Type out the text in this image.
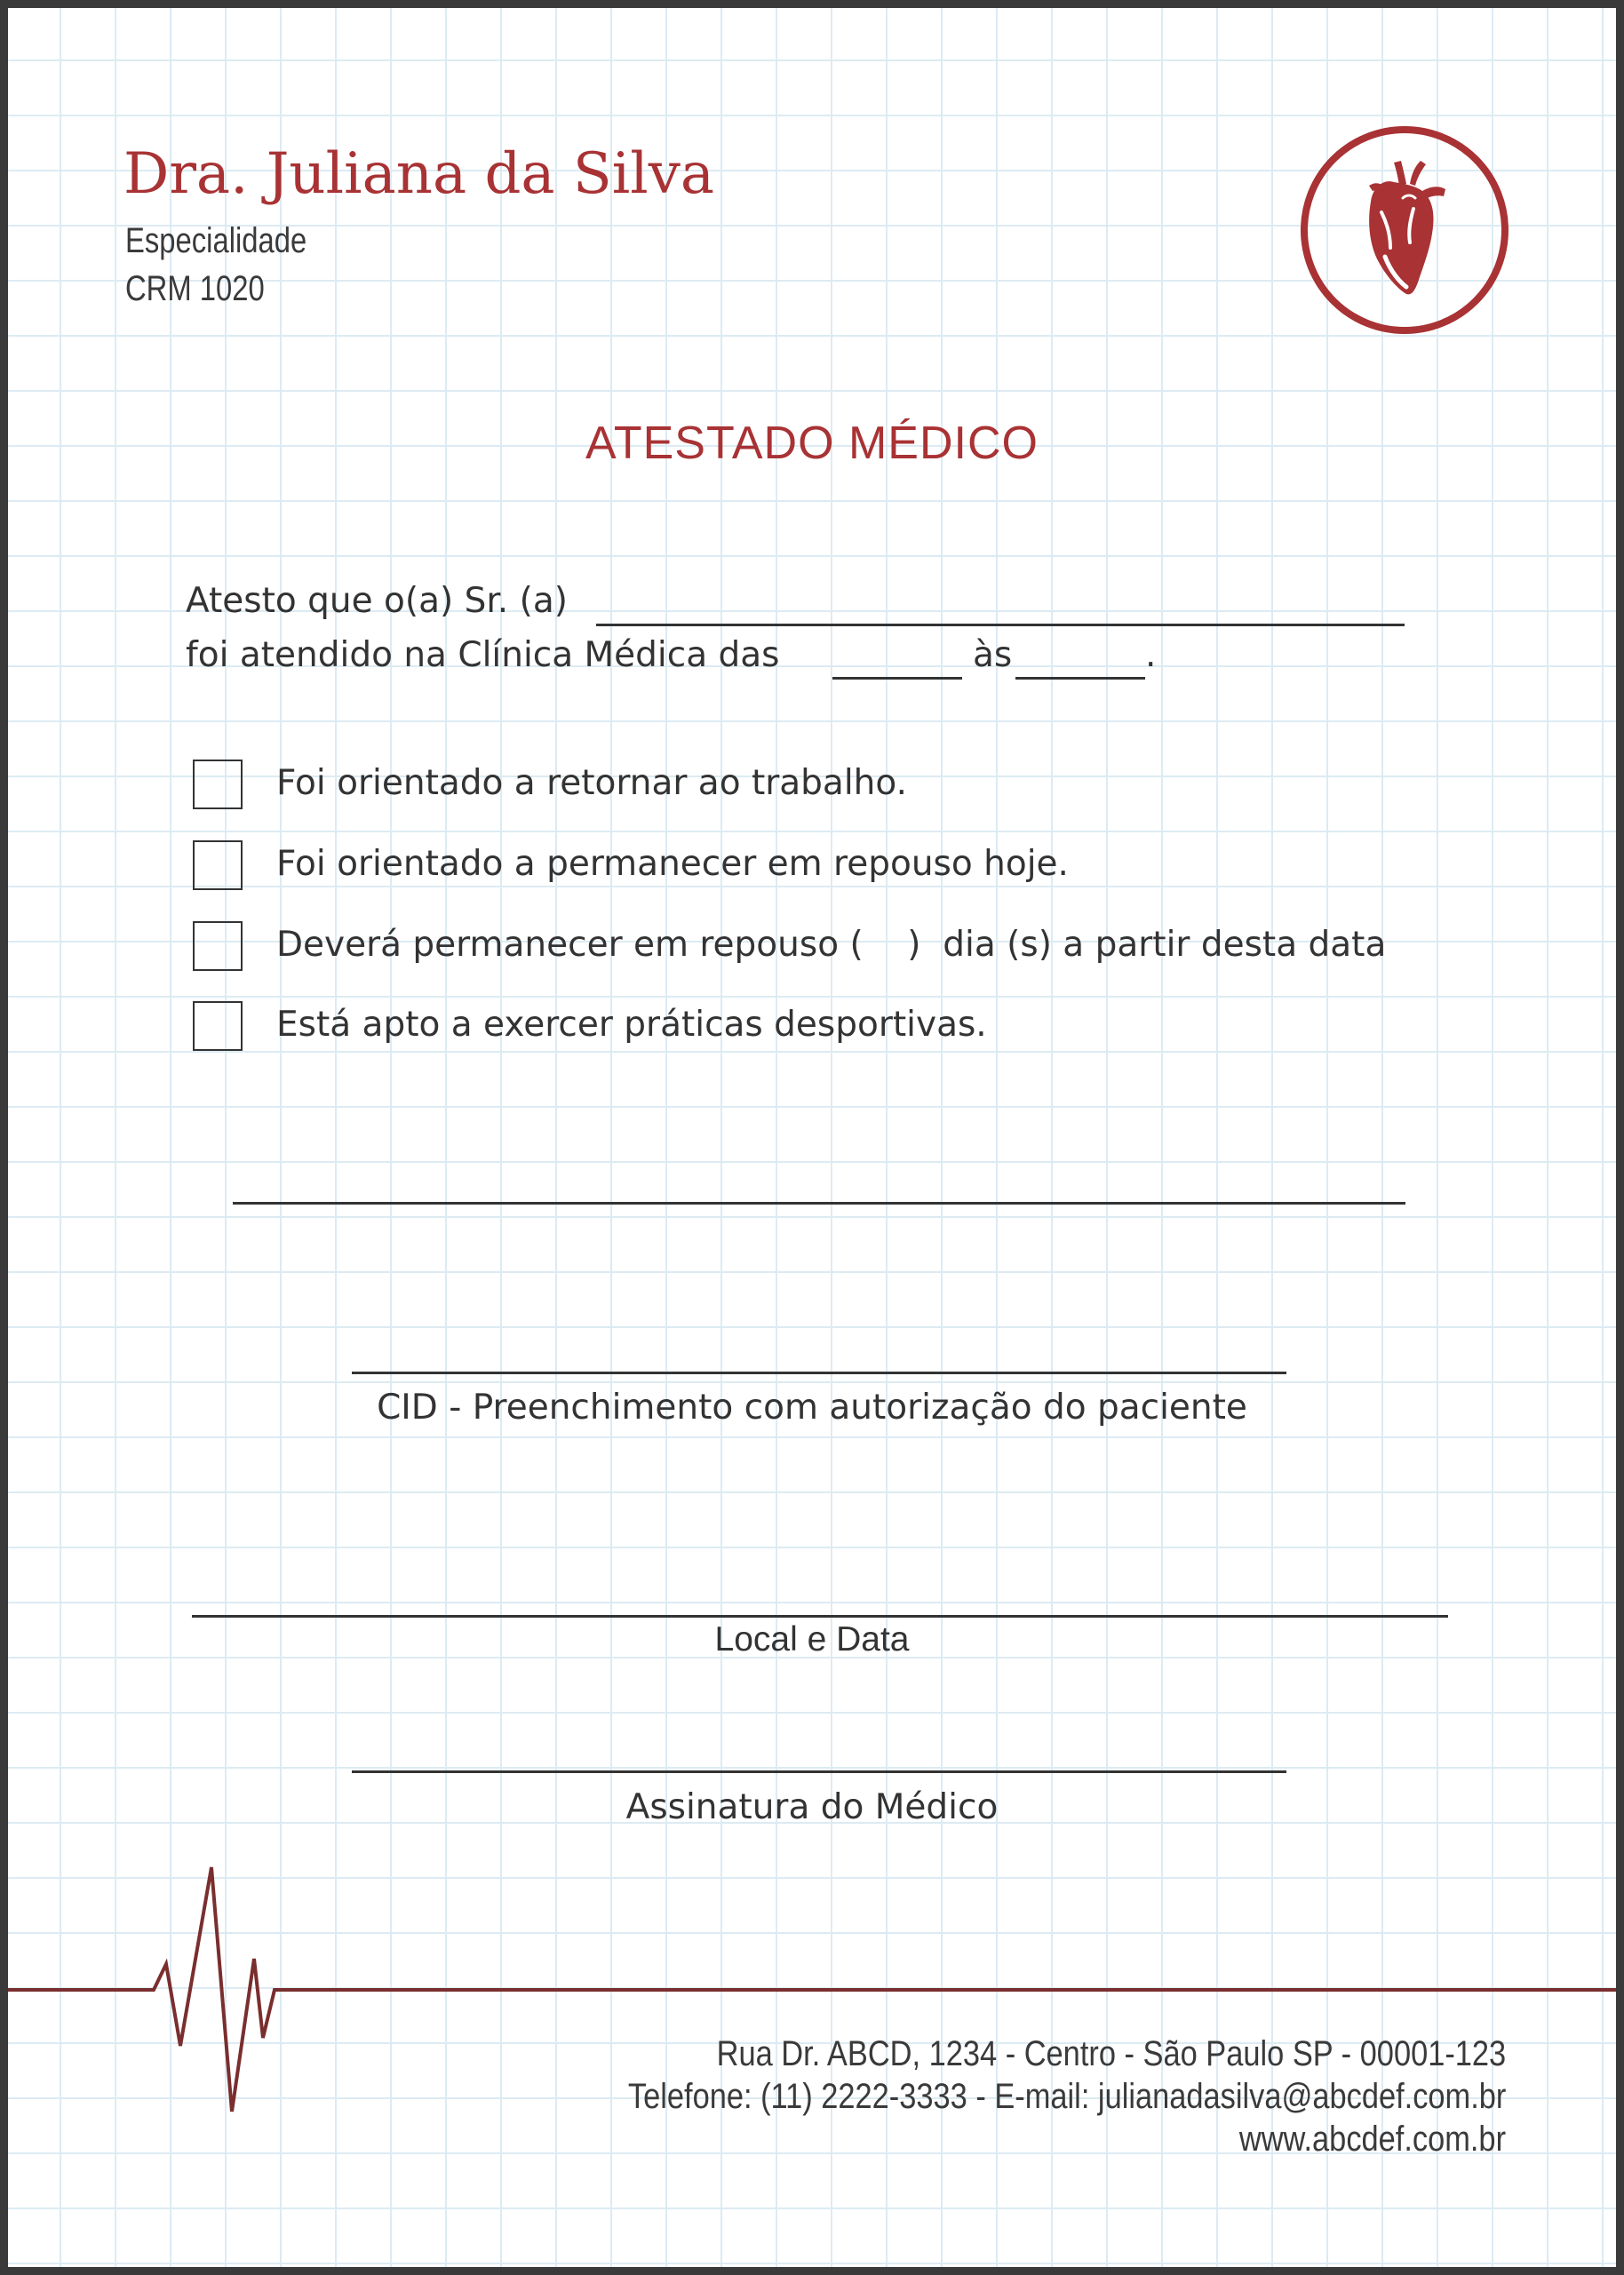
Dra. Juliana da Silva
Especialidade
CRM 1020
ATESTADO MÉDICO
Atesto que o(a) Sr. (a)
foi atendido na Clínica Médica das	às	.
Foi orientado a retornar ao trabalho.
Foi orientado a permanecer em repouso hoje.
Deverá permanecer em repouso (    )  dia (s) a partir desta data
Está apto a exercer práticas desportivas.
CID - Preenchimento com autorização do paciente
Local e Data
Assinatura do Médico
Rua Dr. ABCD, 1234 - Centro - São Paulo SP - 00001-123
Telefone: (11) 2222-3333 - E-mail: julianadasilva@abcdef.com.br
www.abcdef.com.br
